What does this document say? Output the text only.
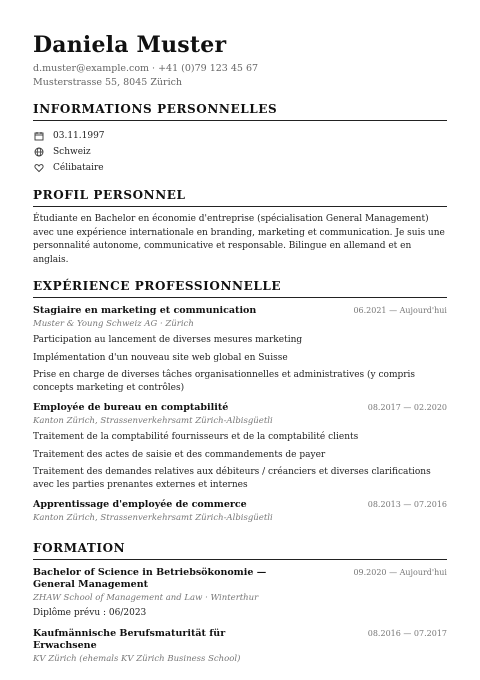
Daniela Muster
d.muster@example.com · +41 (0)79 123 45 67
Musterstrasse 55, 8045 Zürich
INFORMATIONS PERSONNELLES
03.11.1997
Schweiz
Célibataire
PROFIL PERSONNEL
Étudiante en Bachelor en économie d'entreprise (spécialisation General Management) avec une expérience internationale en branding, marketing et communication. Je suis une personnalité autonome, communicative et responsable. Bilingue en allemand et en anglais.
EXPÉRIENCE PROFESSIONNELLE
Stagiaire en marketing et communication	06.2021 — Aujourd'hui
Muster & Young Schweiz AG · Zürich
Participation au lancement de diverses mesures marketing
Implémentation d'un nouveau site web global en Suisse
Prise en charge de diverses tâches organisationnelles et administratives (y compris concepts marketing et contrôles)
Employée de bureau en comptabilité	08.2017 — 02.2020
Kanton Zürich, Strassenverkehrsamt Zürich-Albisgüetli
Traitement de la comptabilité fournisseurs et de la comptabilité clients
Traitement des actes de saisie et des commandements de payer
Traitement des demandes relatives aux débiteurs / créanciers et diverses clarifications avec les parties prenantes externes et internes
Apprentissage d'employée de commerce	08.2013 — 07.2016
Kanton Zürich, Strassenverkehrsamt Zürich-Albisgüetli
FORMATION
Bachelor of Science in Betriebsökonomie — General Management
09.2020 — Aujourd'hui
ZHAW School of Management and Law · Winterthur
Diplôme prévu : 06/2023
Kaufmännische Berufsmaturität für Erwachsene
08.2016 — 07.2017
KV Zürich (ehemals KV Zürich Business School)
